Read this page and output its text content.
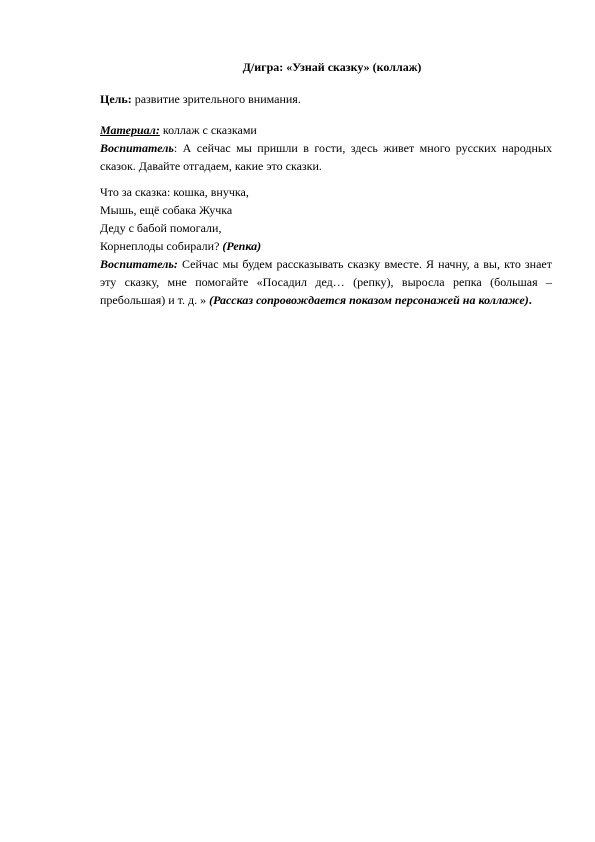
Д/игра: «Узнай сказку» (коллаж)

Цель: развитие зрительного внимания.

Материал: коллаж с сказками

Воспитатель: А сейчас мы пришли в гости, здесь живет много русских народных сказок. Давайте отгадаем, какие это сказки.

Что за сказка: кошка, внучка,

Мышь, ещё собака Жучка

Деду с бабой помогали,

Корнеплоды собирали? (Репка)

Воспитатель: Сейчас мы будем рассказывать сказку вместе. Я начну, а вы, кто знает эту сказку, мне помогайте «Посадил дед… (репку), выросла репка (большая – пребольшая) и т. д. » (Рассказ сопровождается показом персонажей на коллаже).
